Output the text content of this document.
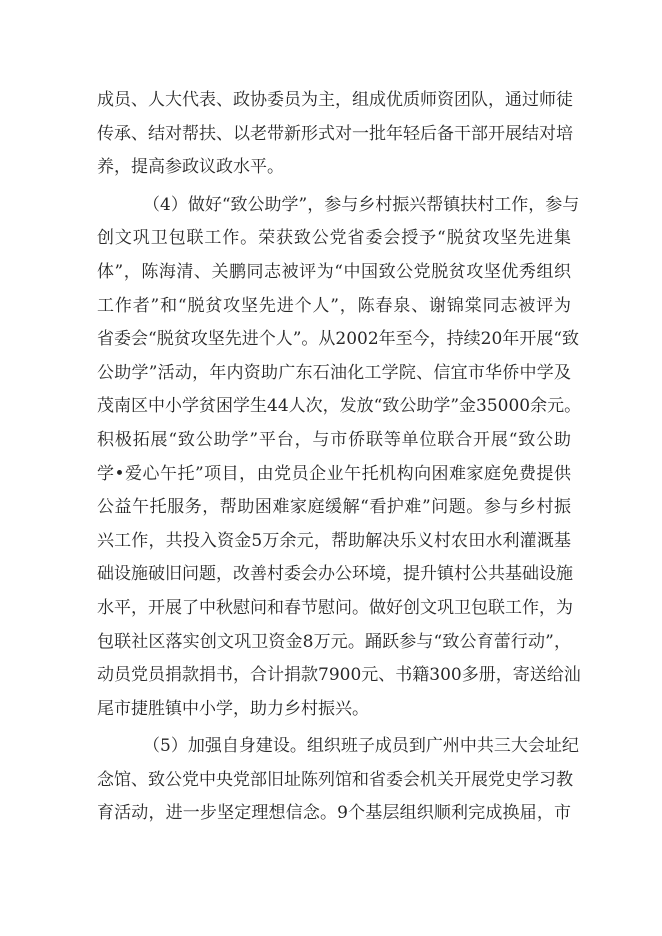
成员、人大代表、政协委员为主，组成优质师资团队，通过师徒
传承、结对帮扶、以老带新形式对一批年轻后备干部开展结对培
养，提高参政议政水平。
（4）做好“致公助学”，参与乡村振兴帮镇扶村工作，参与
创文巩卫包联工作。荣获致公党省委会授予“脱贫攻坚先进集
体”，陈海清、关鹏同志被评为“中国致公党脱贫攻坚优秀组织
工作者”和“脱贫攻坚先进个人”，陈春泉、谢锦棠同志被评为
省委会“脱贫攻坚先进个人”。从2002年至今，持续20年开展“致
公助学”活动，年内资助广东石油化工学院、信宜市华侨中学及
茂南区中小学贫困学生44人次，发放“致公助学”金35000余元。
积极拓展“致公助学”平台，与市侨联等单位联合开展“致公助
学•爱心午托”项目，由党员企业午托机构向困难家庭免费提供
公益午托服务，帮助困难家庭缓解“看护难”问题。参与乡村振
兴工作，共投入资金5万余元，帮助解决乐义村农田水利灌溉基
础设施破旧问题，改善村委会办公环境，提升镇村公共基础设施
水平，开展了中秋慰问和春节慰问。做好创文巩卫包联工作，为
包联社区落实创文巩卫资金8万元。踊跃参与“致公育蕾行动”，
动员党员捐款捐书，合计捐款7900元、书籍300多册，寄送给汕
尾市捷胜镇中小学，助力乡村振兴。
（5）加强自身建设。组织班子成员到广州中共三大会址纪
念馆、致公党中央党部旧址陈列馆和省委会机关开展党史学习教
育活动，进一步坚定理想信念。9个基层组织顺利完成换届，市
